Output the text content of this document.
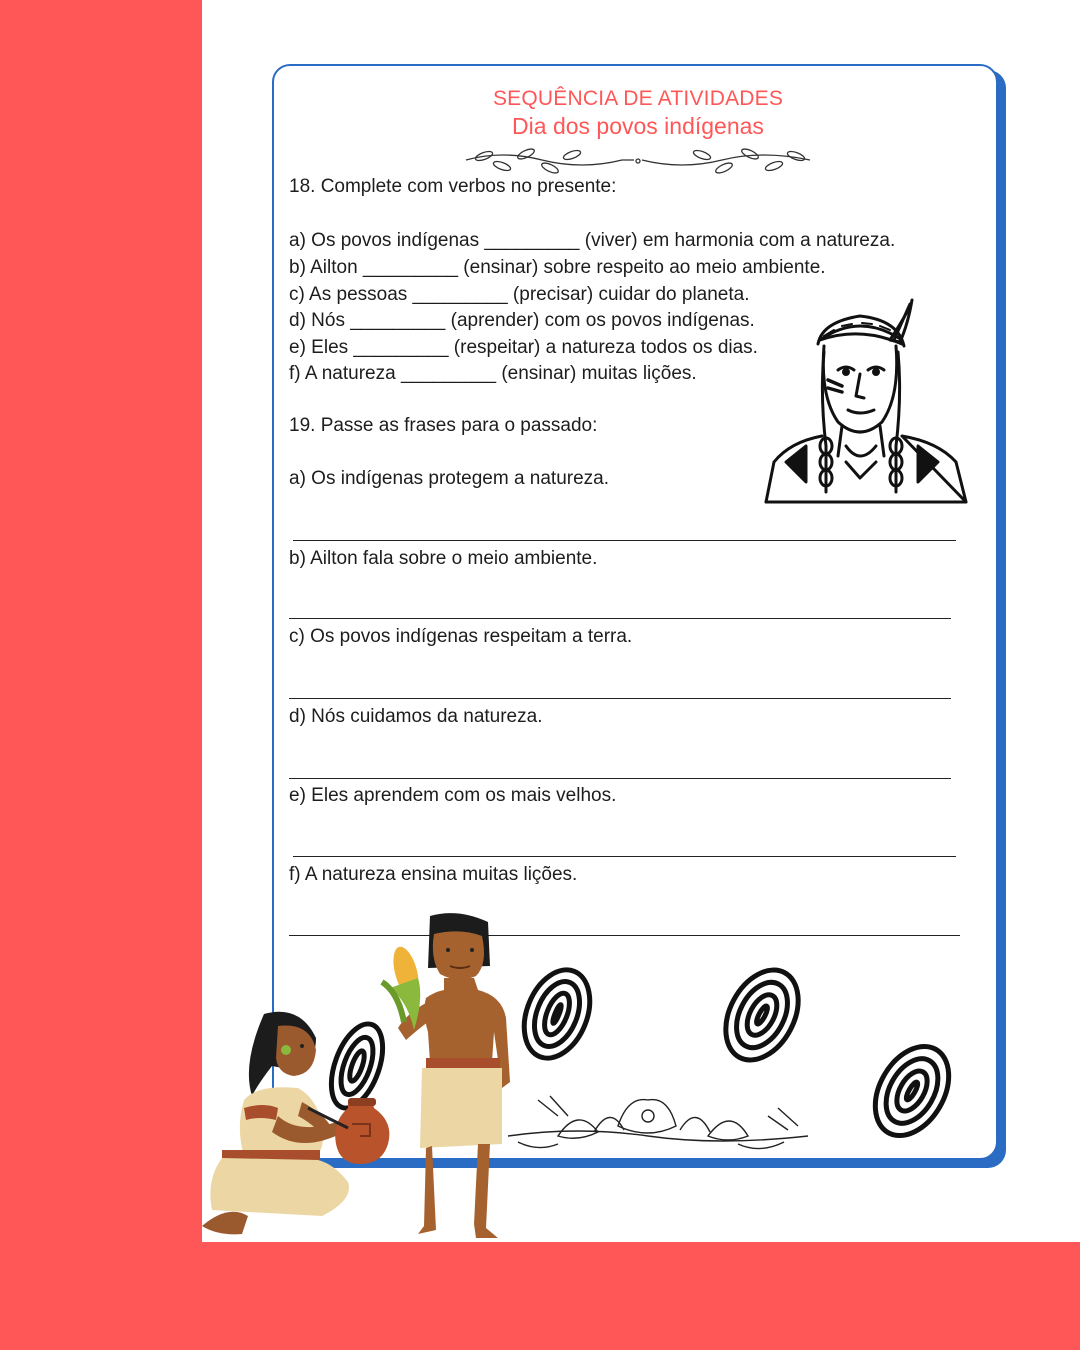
SEQUÊNCIA DE ATIVIDADES
Dia dos povos indígenas
18. Complete com verbos no presente:
a) Os povos indígenas _________ (viver) em harmonia com a natureza.
b) Ailton _________ (ensinar) sobre respeito ao meio ambiente.
c) As pessoas _________ (precisar) cuidar do planeta.
d) Nós _________ (aprender) com os povos indígenas.
e) Eles _________ (respeitar) a natureza todos os dias.
f) A natureza _________ (ensinar) muitas lições.
19. Passe as frases para o passado:
a) Os indígenas protegem a natureza.
b) Ailton fala sobre o meio ambiente.
c) Os povos indígenas respeitam a terra.
d) Nós cuidamos da natureza.
e) Eles aprendem com os mais velhos.
f) A natureza ensina muitas lições.
